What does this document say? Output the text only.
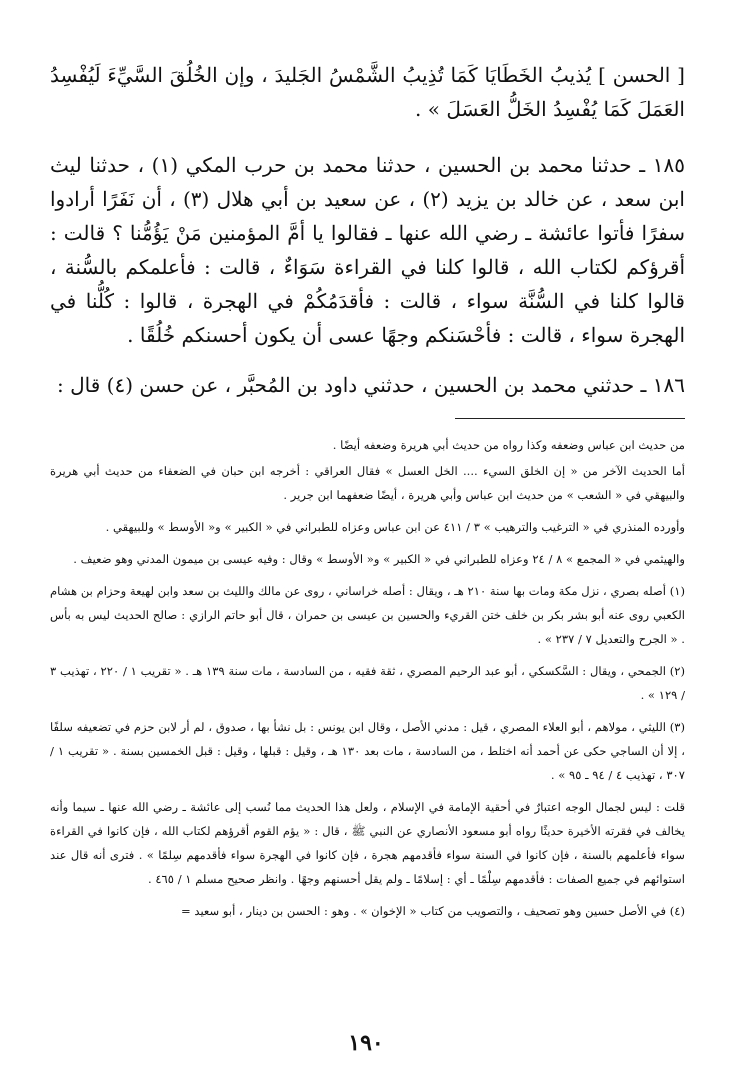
[ الحسن ] يُذيبُ الخَطَايَا كَمَا تُذِيبُ الشَّمْسُ الجَليدَ ، وإن الخُلُقَ السَّيِّءَ لَيُفْسِدُ العَمَلَ كَمَا يُفْسِدُ الخَلُّ العَسَلَ » .

١٨٥ ـ حدثنا محمد بن الحسين ، حدثنا محمد بن حرب المكي (١) ، حدثنا ليث ابن سعد ، عن خالد بن يزيد (٢) ، عن سعيد بن أبي هلال (٣) ، أن نَفَرًا أرادوا سفرًا فأتوا عائشة ـ رضي الله عنها ـ فقالوا يا أمَّ المؤمنين مَنْ يَؤُمُّنا ؟ قالت : أقرؤكم لكتاب الله ، قالوا كلنا في القراءة سَوَاءٌ ، قالت : فأعلمكم بالسُّنة ، قالوا كلنا في السُّنَّة سواء ، قالت : فأقدَمُكُمْ في الهجرة ، قالوا : كُلُّنا في الهجرة سواء ، قالت : فأحْسَنكم وجهًا عسى أن يكون أحسنكم خُلُقًا .

١٨٦ ـ حدثني محمد بن الحسين ، حدثني داود بن المُحبَّر ، عن حسن (٤) قال :

من حديث ابن عباس وضعفه وكذا رواه من حديث أبي هريرة وضعفه أيضًا .

أما الحديث الآخر من « إن الخلق السيء .... الخل العسل » فقال العراقي : أخرجه ابن حبان في الضعفاء من حديث أبي هريرة والبيهقي في « الشعب » من حديث ابن عباس وأبي هريرة ، أيضًا ضعفهما ابن جرير .

وأورده المنذري في « الترغيب والترهيب » ٣ / ٤١١ عن ابن عباس وعزاه للطبراني في « الكبير » و« الأوسط » وللبيهقي .

والهيثمي في « المجمع » ٨ / ٢٤ وعزاه للطبراني في « الكبير » و« الأوسط » وقال : وفيه عيسى بن ميمون المدني وهو ضعيف .

(١) أصله بصري ، نزل مكة ومات بها سنة ٢١٠ هـ ، ويقال : أصله خراساني ، روى عن مالك والليث بن سعد وابن لهيعة وحزام بن هشام الكعبي روى عنه أبو بشر بكر بن خلف ختن القريء والحسين بن عيسى بن حمران ، قال أبو حاتم الرازي : صالح الحديث ليس به بأس . « الجرح والتعديل ٧ / ٢٣٧ » .

(٢) الجمحي ، ويقال : السَّكسكي ، أبو عبد الرحيم المصري ، ثقة فقيه ، من السادسة ، مات سنة ١٣٩ هـ . « تقريب ١ / ٢٢٠ ، تهذيب ٣ / ١٢٩ » .

(٣) الليثي ، مولاهم ، أبو العلاء المصري ، قيل : مدني الأصل ، وقال ابن يونس : بل نشأ بها ، صدوق ، لم أر لابن حزم في تضعيفه سلفًا ، إلا أن الساجي حكى عن أحمد أنه اختلط ، من السادسة ، مات بعد ١٣٠ هـ ، وقيل : قبلها ، وقيل : قبل الخمسين بسنة . « تقريب ١ / ٣٠٧ ، تهذيب ٤ / ٩٤ ـ ٩٥ » .

قلت : ليس لجمال الوجه اعتبارٌ في أحقية الإمامة في الإسلام ، ولعل هذا الحديث مما نُسب إلى عائشة ـ رضي الله عنها ـ سيما وأنه يخالف في فقرته الأخيرة حديثًا رواه أبو مسعود الأنصاري عن النبي ﷺ ، قال : « يؤم القوم أقرؤهم لكتاب الله ، فإن كانوا في القراءة سواء فأعلمهم بالسنة ، فإن كانوا في السنة سواء فأقدمهم هجرة ، فإن كانوا في الهجرة سواء فأقدمهم سِلمًا » . فترى أنه قال عند استوائهم في جميع الصفات : فأقدمهم سِلْمًا ـ أي : إسلامًا ـ ولم يقل أحسنهم وجهًا . وانظر صحيح مسلم ١ / ٤٦٥ .

(٤) في الأصل حسين وهو تصحيف ، والتصويب من كتاب « الإخوان » . وهو : الحسن بن دينار ، أبو سعيد =

١٩٠
